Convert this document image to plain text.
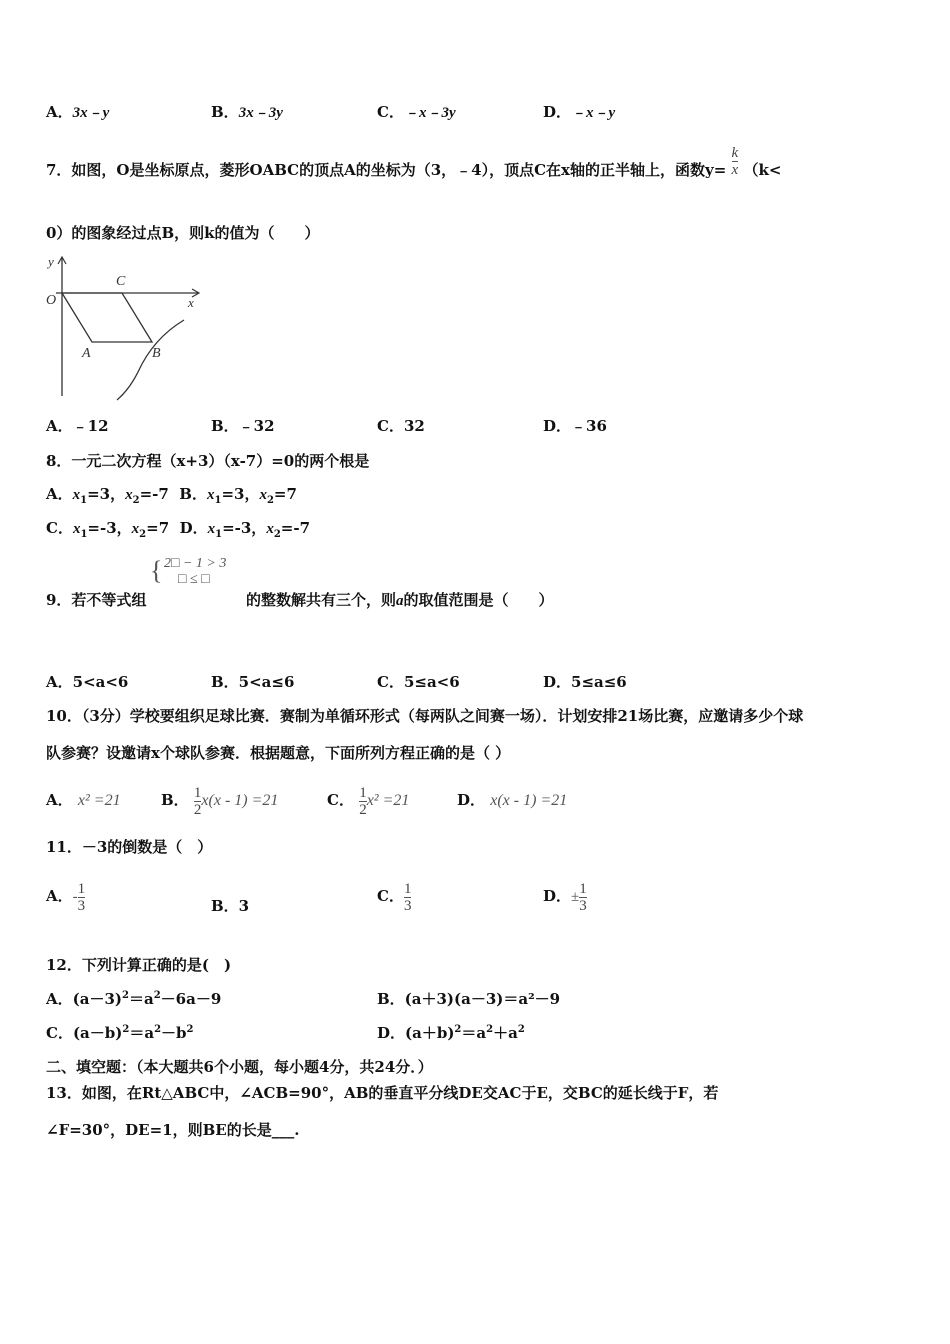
A．3x﹣y	B．3x﹣3y	C．﹣x﹣3y	D．﹣x﹣y
7．如图，O是坐标原点，菱形OABC的顶点A的坐标为（3，﹣4），顶点C在x轴的正半轴上，函数$y= \frac{k}{x} (k<$
0）的图象经过点B，则k的值为（　　）
y
O
C
x
A	B
A．﹣12	B．﹣32	C．32	D．﹣36
8．一元二次方程（x+3）（x-7）=0的两个根是
A．$x_1=3$，$x_2=-7$ B．$x_1=3$，$x_2=7$
C．$x_1=-3$，$x_2=7$ D．$x_1=-3$，$x_2=-7$
{ 2□ − 1 > 3
□ ≤ □
9．若不等式组	的整数解共有三个，则a的取值范围是（　　）
A．5<a<6	B．5<a≤6	C．5≤a<6	D．5≤a≤6
10．（3分）学校要组织足球比赛．赛制为单循环形式（每两队之间赛一场）．计划安排21场比赛，应邀请多少个球
队参赛？设邀请x个球队参赛．根据题意，下面所列方程正确的是（ ）
A． x² =21	B． $\frac{1}{2} x(x - 1) =21$	C． $\frac{1}{2} x^2 =21$	D． x(x - 1) =21
11．－3的倒数是（　）
A．- $\frac{1}{3}$	B．3
C． $\frac{1}{3}$	D．± $\frac{1}{3}$
12．下列计算正确的是(　)
A．$(a-3)^2=a^2-6a-9$	B．(a＋3)(a－3)＝a²－9
C．$(a-b)^2=a^2-b^2$	D．$(a+b)^2=a^2+a^2$
二、填空题：（本大题共6个小题，每小题4分，共24分．）
13．如图，在Rt△ABC中，∠ACB=90°，AB的垂直平分线DE交AC于E，交BC的延长线于F，若
∠F=30°，DE=1，则BE的长是___.
